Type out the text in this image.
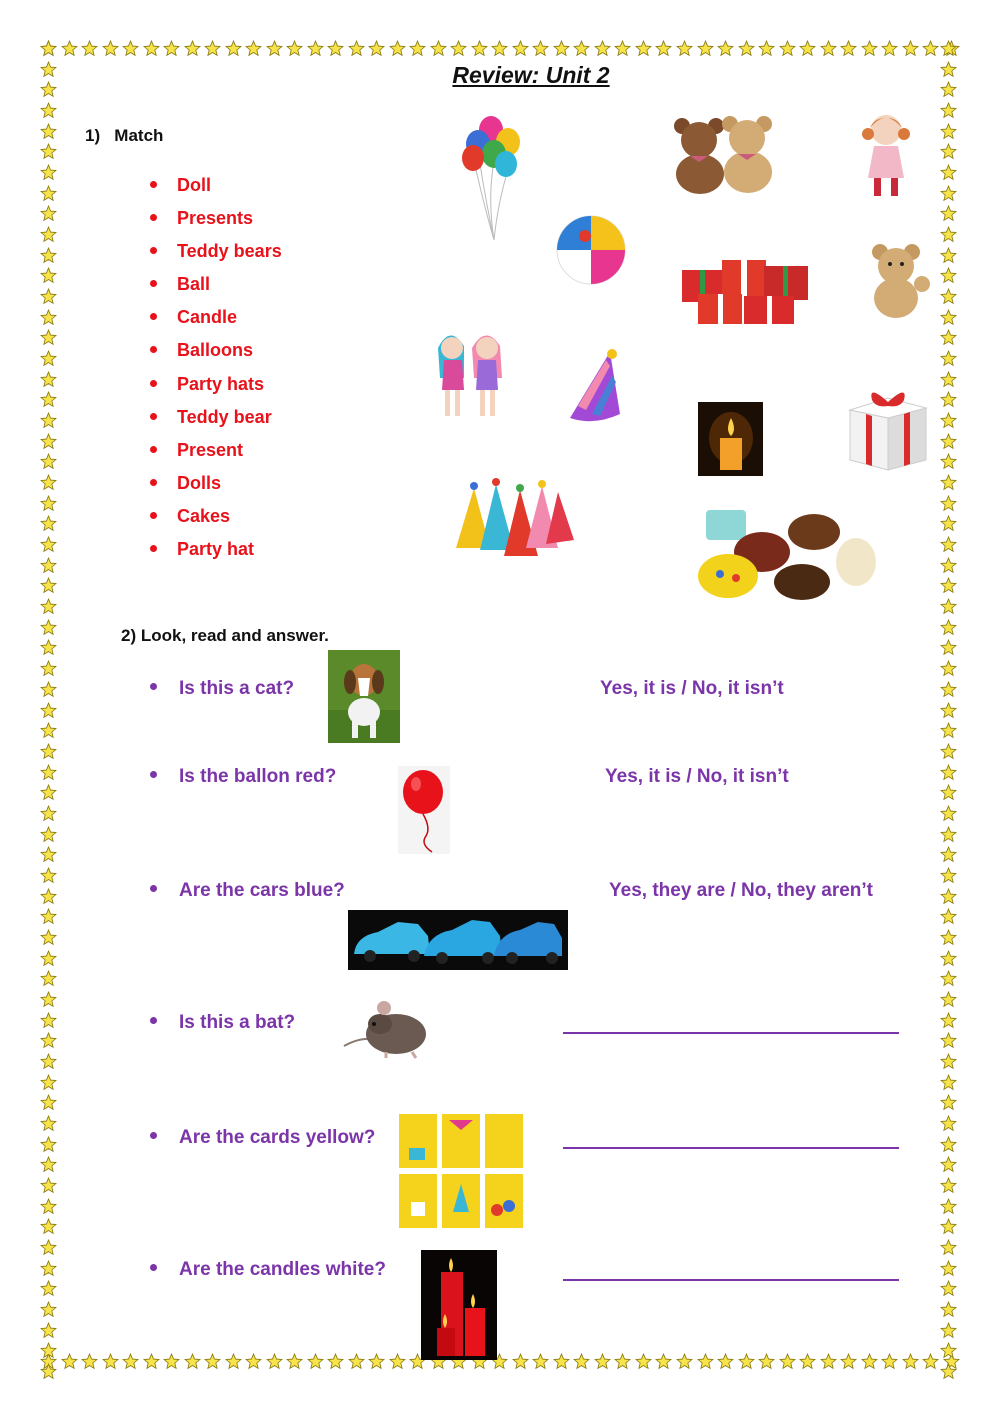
Review: Unit 2
1) Match
Doll
Presents
Teddy bears
Ball
Candle
Balloons
Party hats
Teddy bear
Present
Dolls
Cakes
Party hat
2) Look, read and answer.
Is this a cat?	Yes, it is / No, it isn’t
Is the ballon red?	Yes, it is / No, it isn’t
Are the cars blue?	Yes, they are / No, they aren’t
Is this a bat?
Are the cards yellow?
Are the candles white?
